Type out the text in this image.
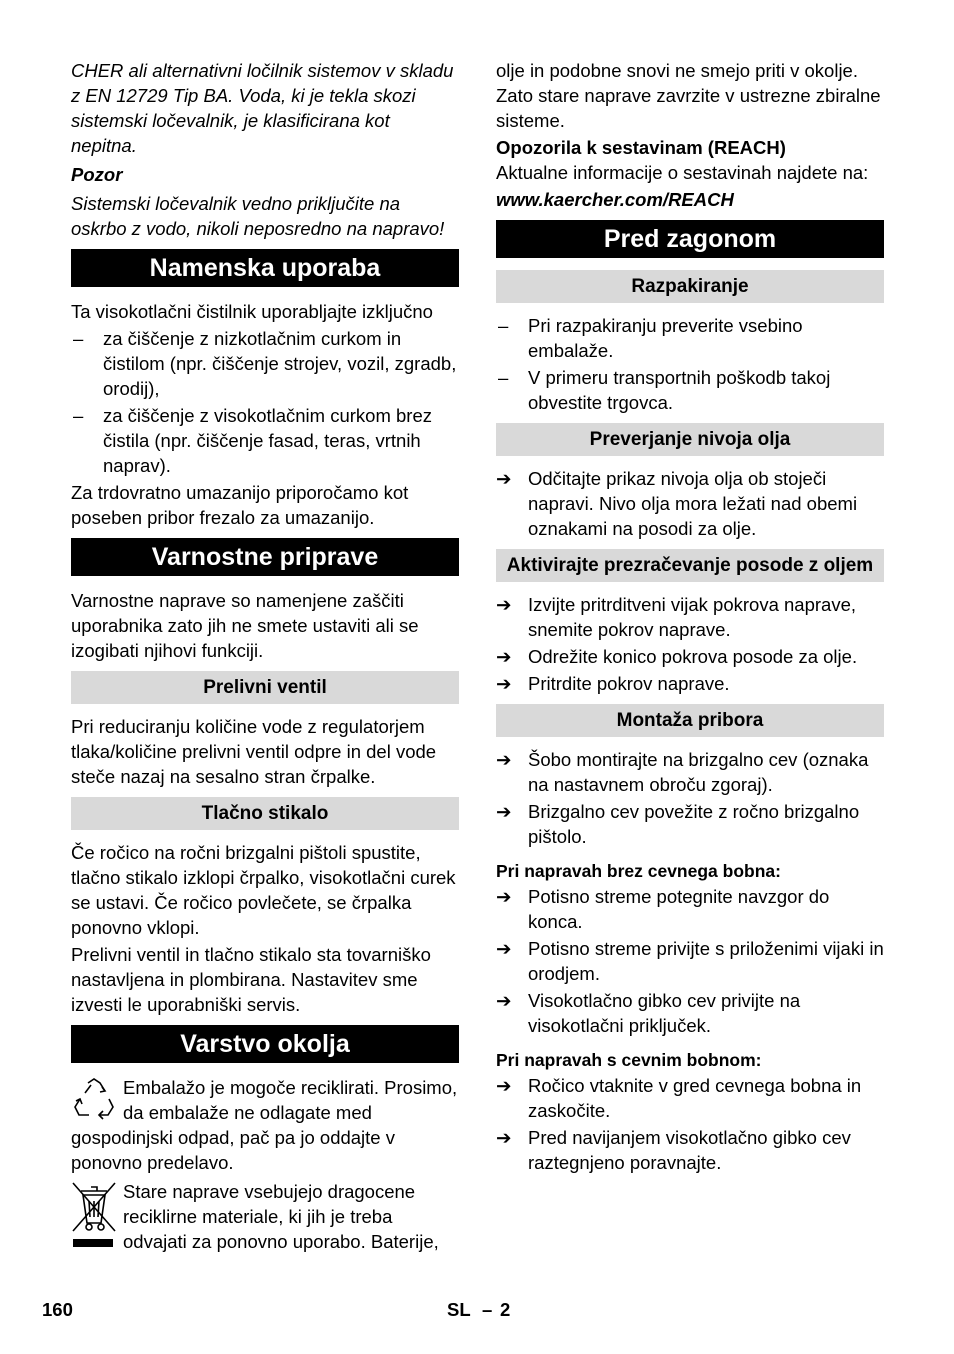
CHER ali alternativni ločilnik sistemov v skladu z EN 12729 Tip BA. Voda, ki je tekla skozi sistemski ločevalnik, je klasificirana kot nepitna.

Pozor

Sistemski ločevalnik vedno priključite na oskrbo z vodo, nikoli neposredno na napravo!

Namenska uporaba

Ta visokotlačni čistilnik uporabljajte izključno

–	za čiščenje z nizkotlačnim curkom in čistilom (npr. čiščenje strojev, vozil, zgradb, orodij),
–	za čiščenje z visokotlačnim curkom brez čistila (npr. čiščenje fasad, teras, vrtnih naprav).

Za trdovratno umazanijo priporočamo kot poseben pribor frezalo za umazanijo.

Varnostne priprave

Varnostne naprave so namenjene zaščiti uporabnika zato jih ne smete ustaviti ali se izogibati njihovi funkciji.

Prelivni ventil

Pri reduciranju količine vode z regulatorjem tlaka/količine prelivni ventil odpre in del vode steče nazaj na sesalno stran črpalke.

Tlačno stikalo

Če ročico na ročni brizgalni pištoli spustite, tlačno stikalo izklopi črpalko, visokotlačni curek se ustavi. Če ročico povlečete, se črpalka ponovno vklopi.

Prelivni ventil in tlačno stikalo sta tovarniško nastavljena in plombirana. Nastavitev sme izvesti le uporabniški servis.

Varstvo okolja

Embalažo je mogoče reciklirati. Prosimo, da embalaže ne odlagate med gospodinjski odpad, pač pa jo oddajte v ponovno predelavo.

Stare naprave vsebujejo dragocene reciklirne materiale, ki jih je treba odvajati za ponovno uporabo. Baterije,

olje in podobne snovi ne smejo priti v okolje. Zato stare naprave zavrzite v ustrezne zbiralne sisteme.

Opozorila k sestavinam (REACH)

Aktualne informacije o sestavinah najdete na:

www.kaercher.com/REACH

Pred zagonom
Razpakiranje
–	Pri razpakiranju preverite vsebino embalaže.
–	V primeru transportnih poškodb takoj obvestite trgovca.
Preverjanje nivoja olja
➔ Odčitajte prikaz nivoja olja ob stoječi napravi. Nivo olja mora ležati nad obemi oznakami na posodi za olje.
Aktivirajte prezračevanje posode z oljem
➔ Izvijte pritrditveni vijak pokrova naprave, snemite pokrov naprave.
➔ Odrežite konico pokrova posode za olje.
➔ Pritrdite pokrov naprave.
Montaža pribora
➔ Šobo montirajte na brizgalno cev (oznaka na nastavnem obroču zgoraj).
➔ Brizgalno cev povežite z ročno brizgalno pištolo.

Pri napravah brez cevnega bobna:

➔ Potisno streme potegnite navzgor do konca.
➔ Potisno streme privijte s priloženimi vijaki in orodjem.
➔ Visokotlačno gibko cev privijte na visokotlačni priključek.

Pri napravah s cevnim bobnom:

➔ Ročico vtaknite v gred cevnega bobna in zaskočite.
➔ Pred navijanjem visokotlačno gibko cev raztegnjeno poravnajte.
160	SL – 2
